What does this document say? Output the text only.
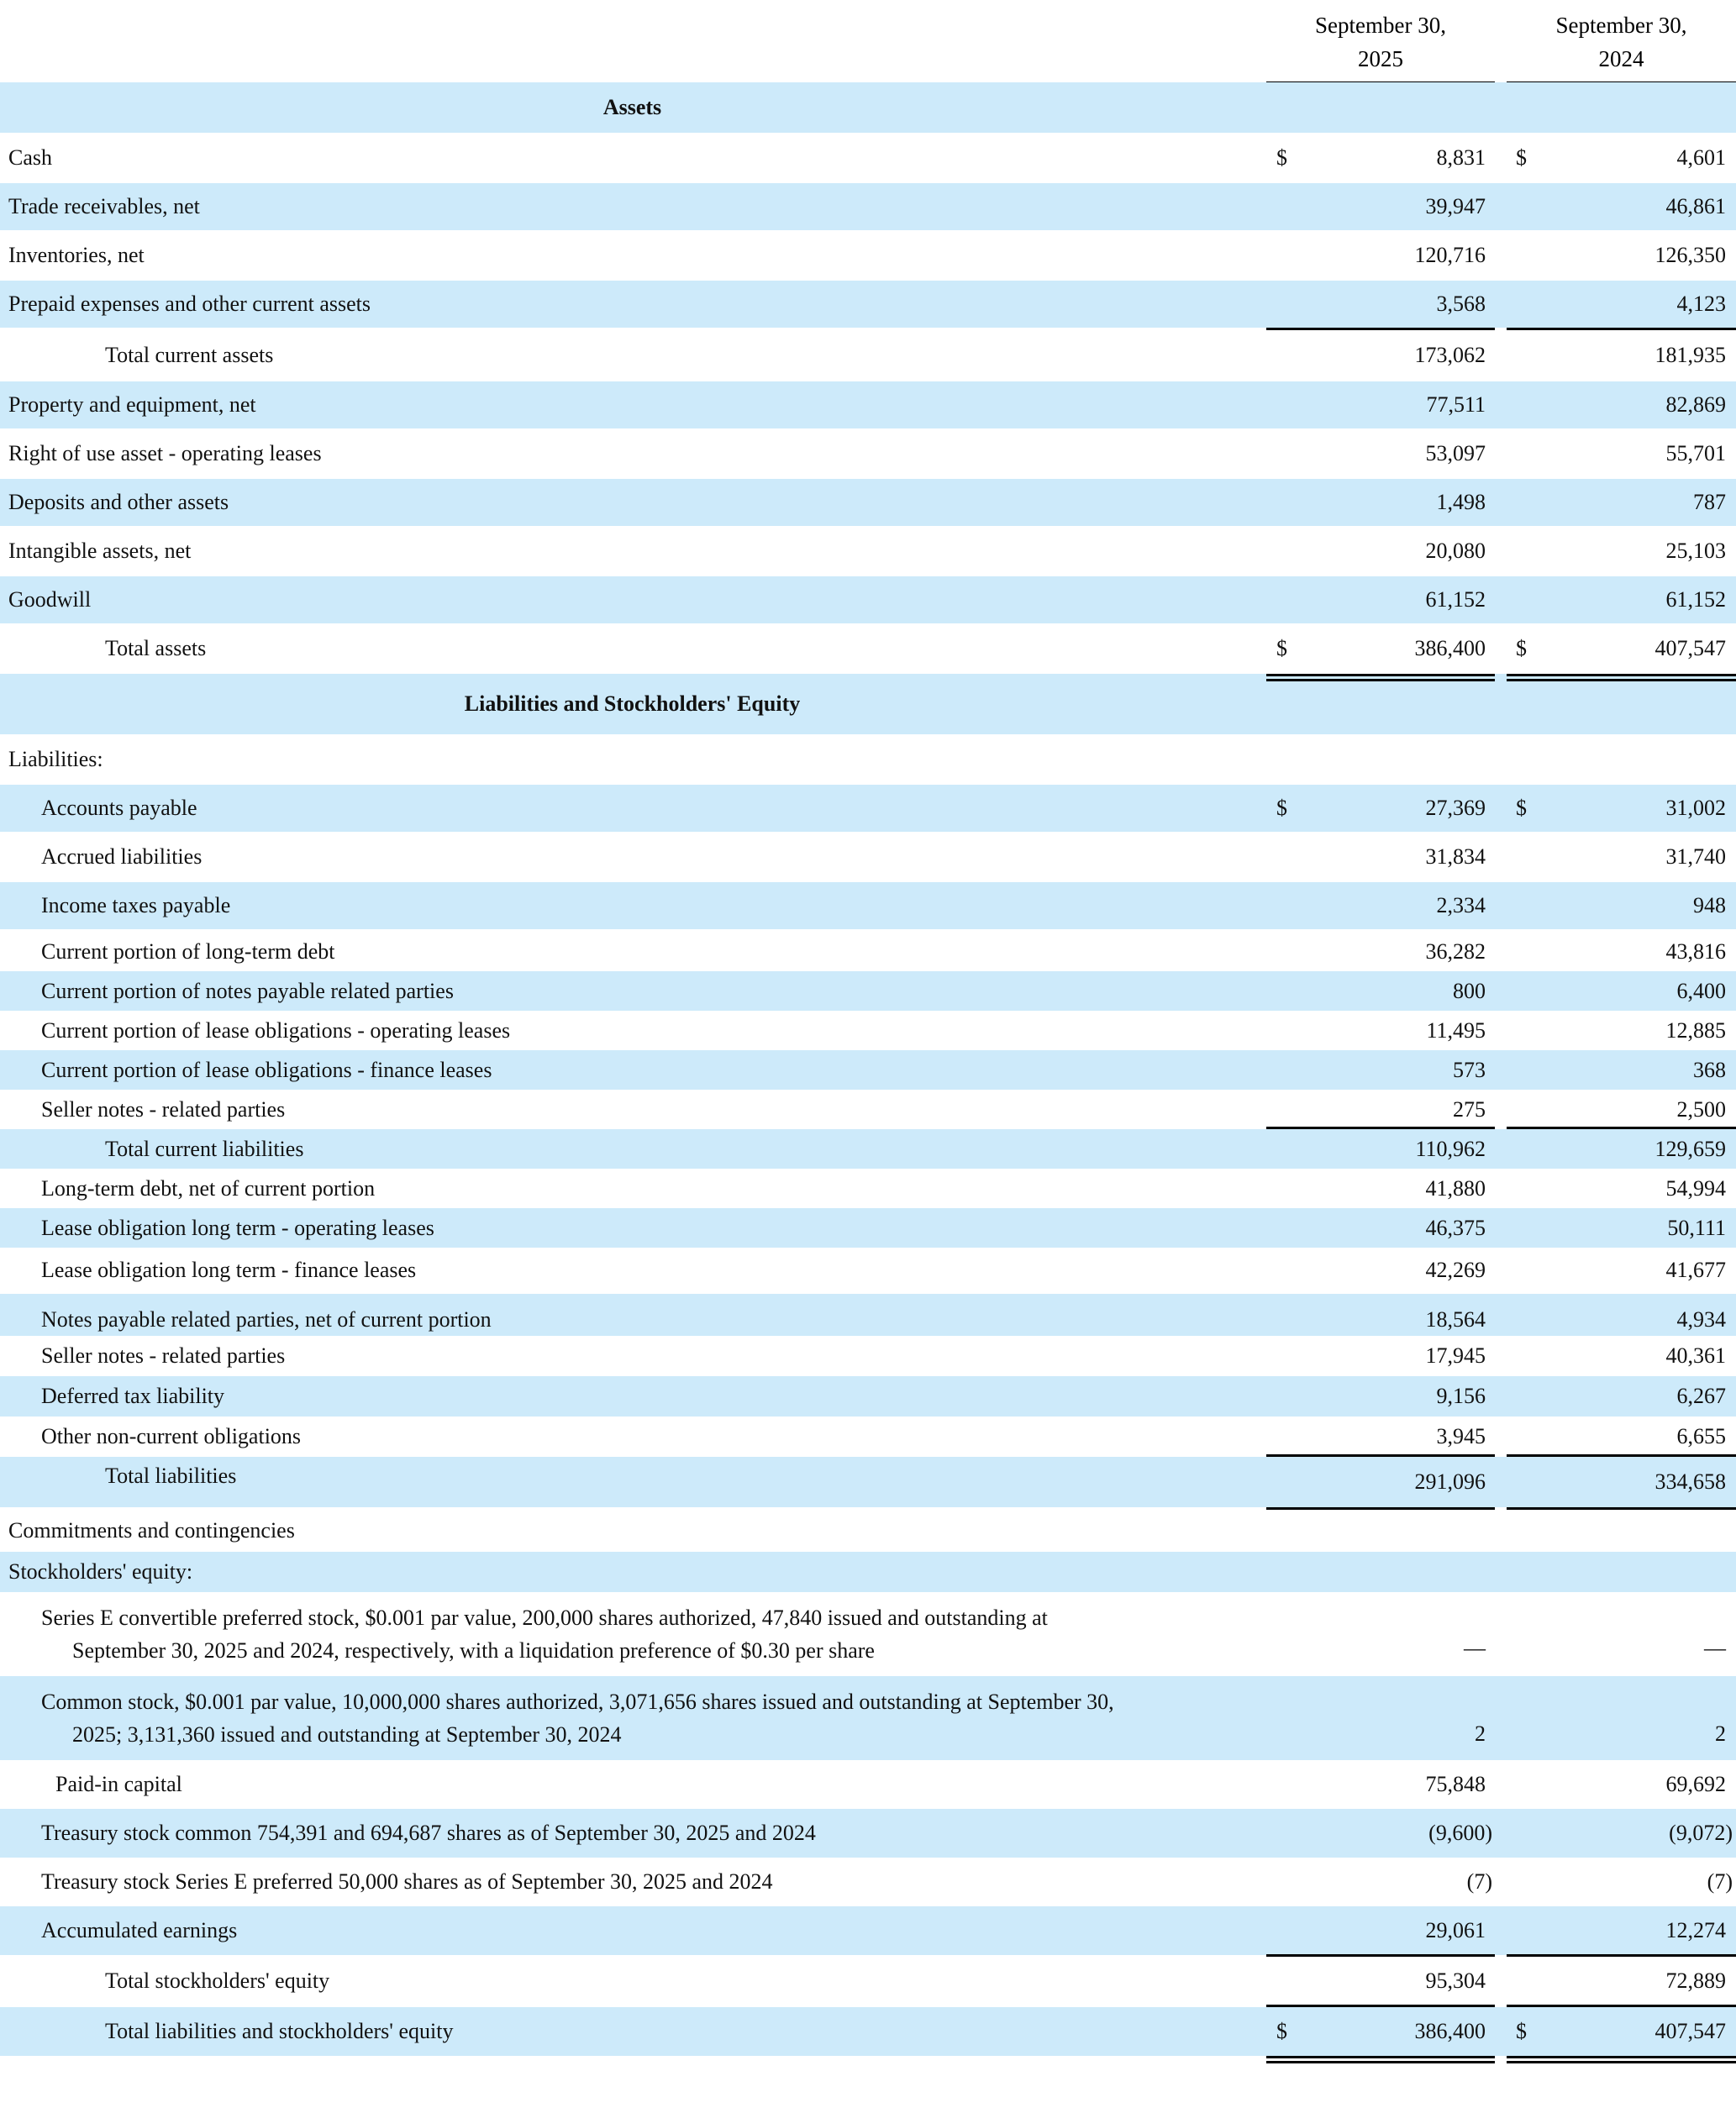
September 30,
2025
September 30,
2024
Assets
Cash	$	8,831 $	4,601
Trade receivables, net	39,947	46,861
Inventories, net	120,716	126,350
Prepaid expenses and other current assets	3,568	4,123
Total current assets	173,062	181,935
Property and equipment, net	77,511	82,869
Right of use asset - operating leases	53,097	55,701
Deposits and other assets	1,498	787
Intangible assets, net	20,080	25,103
Goodwill	61,152	61,152
Total assets	$	386,400 $	407,547
Liabilities and Stockholders' Equity
Liabilities:
Accounts payable	$	27,369 $	31,002
Accrued liabilities	31,834	31,740
Income taxes payable	2,334	948
Current portion of long-term debt	36,282	43,816
Current portion of notes payable related parties	800	6,400
Current portion of lease obligations - operating leases	11,495	12,885
Current portion of lease obligations - finance leases	573	368
Seller notes - related parties	275	2,500
Total current liabilities	110,962	129,659
Long-term debt, net of current portion	41,880	54,994
Lease obligation long term - operating leases	46,375	50,111
Lease obligation long term - finance leases	42,269	41,677
Notes payable related parties, net of current portion	18,564	4,934
Seller notes - related parties	17,945	40,361
Deferred tax liability	9,156	6,267
Other non-current obligations	3,945	6,655
Total liabilities	291,096	334,658
Commitments and contingencies
Stockholders' equity:
Series E convertible preferred stock, $0.001 par value, 200,000 shares authorized, 47,840 issued and outstanding at
September 30, 2025 and 2024, respectively, with a liquidation preference of $0.30 per share	—	—
Common stock, $0.001 par value, 10,000,000 shares authorized, 3,071,656 shares issued and outstanding at September 30,
2025; 3,131,360 issued and outstanding at September 30, 2024	2	2
Paid-in capital	75,848	69,692
Treasury stock common 754,391 and 694,687 shares as of September 30, 2025 and 2024	(9,600)	(9,072)
Treasury stock Series E preferred 50,000 shares as of September 30, 2025 and 2024	(7)	(7)
Accumulated earnings	29,061	12,274
Total stockholders' equity	95,304	72,889
Total liabilities and stockholders' equity	$	386,400 $	407,547
